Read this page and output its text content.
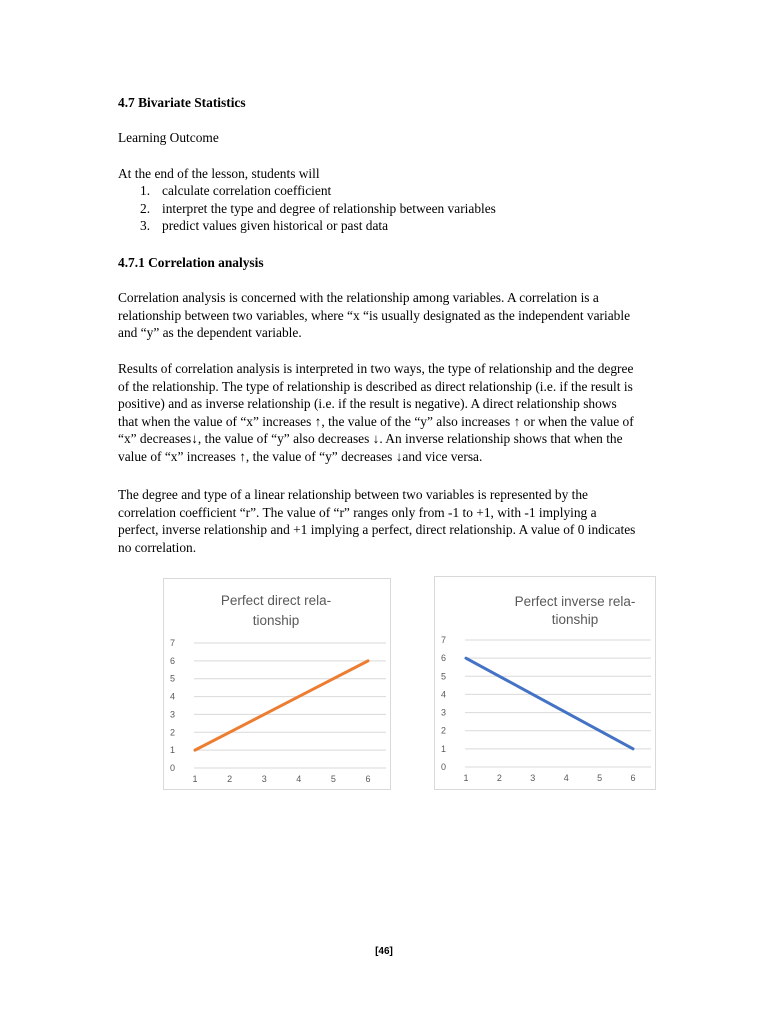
4.7 Bivariate Statistics
Learning Outcome
At the end of the lesson, students will
1. calculate correlation coefficient
2. interpret the type and degree of relationship between variables
3. predict values given historical or past data
4.7.1 Correlation analysis

Correlation analysis is concerned with the relationship among variables. A correlation is a

relationship between two variables, where “x “is usually designated as the independent variable

and “y” as the dependent variable.

Results of correlation analysis is interpreted in two ways, the type of relationship and the degree

of the relationship. The type of relationship is described as direct relationship (i.e. if the result is

positive) and as inverse relationship (i.e. if the result is negative). A direct relationship shows

that when the value of “x” increases ↑, the value of the “y” also increases ↑ or when the value of

“x” decreases↓, the value of “y” also decreases ↓. An inverse relationship shows that when the

value of “x” increases ↑, the value of “y” decreases ↓and vice versa.

The degree and type of a linear relationship between two variables is represented by the

correlation coefficient “r”. The value of “r” ranges only from -1 to +1, with -1 implying a

perfect, inverse relationship and +1 implying a perfect, direct relationship. A value of 0 indicates

no correlation.

Perfect direct rela-
tionship
0
1
2
3
4
5
6
7
1	2	3	4	5	6
Perfect inverse rela-
tionship
0
1
2
3
4
5
6
7
1	2	3	4	5	6
[46]
